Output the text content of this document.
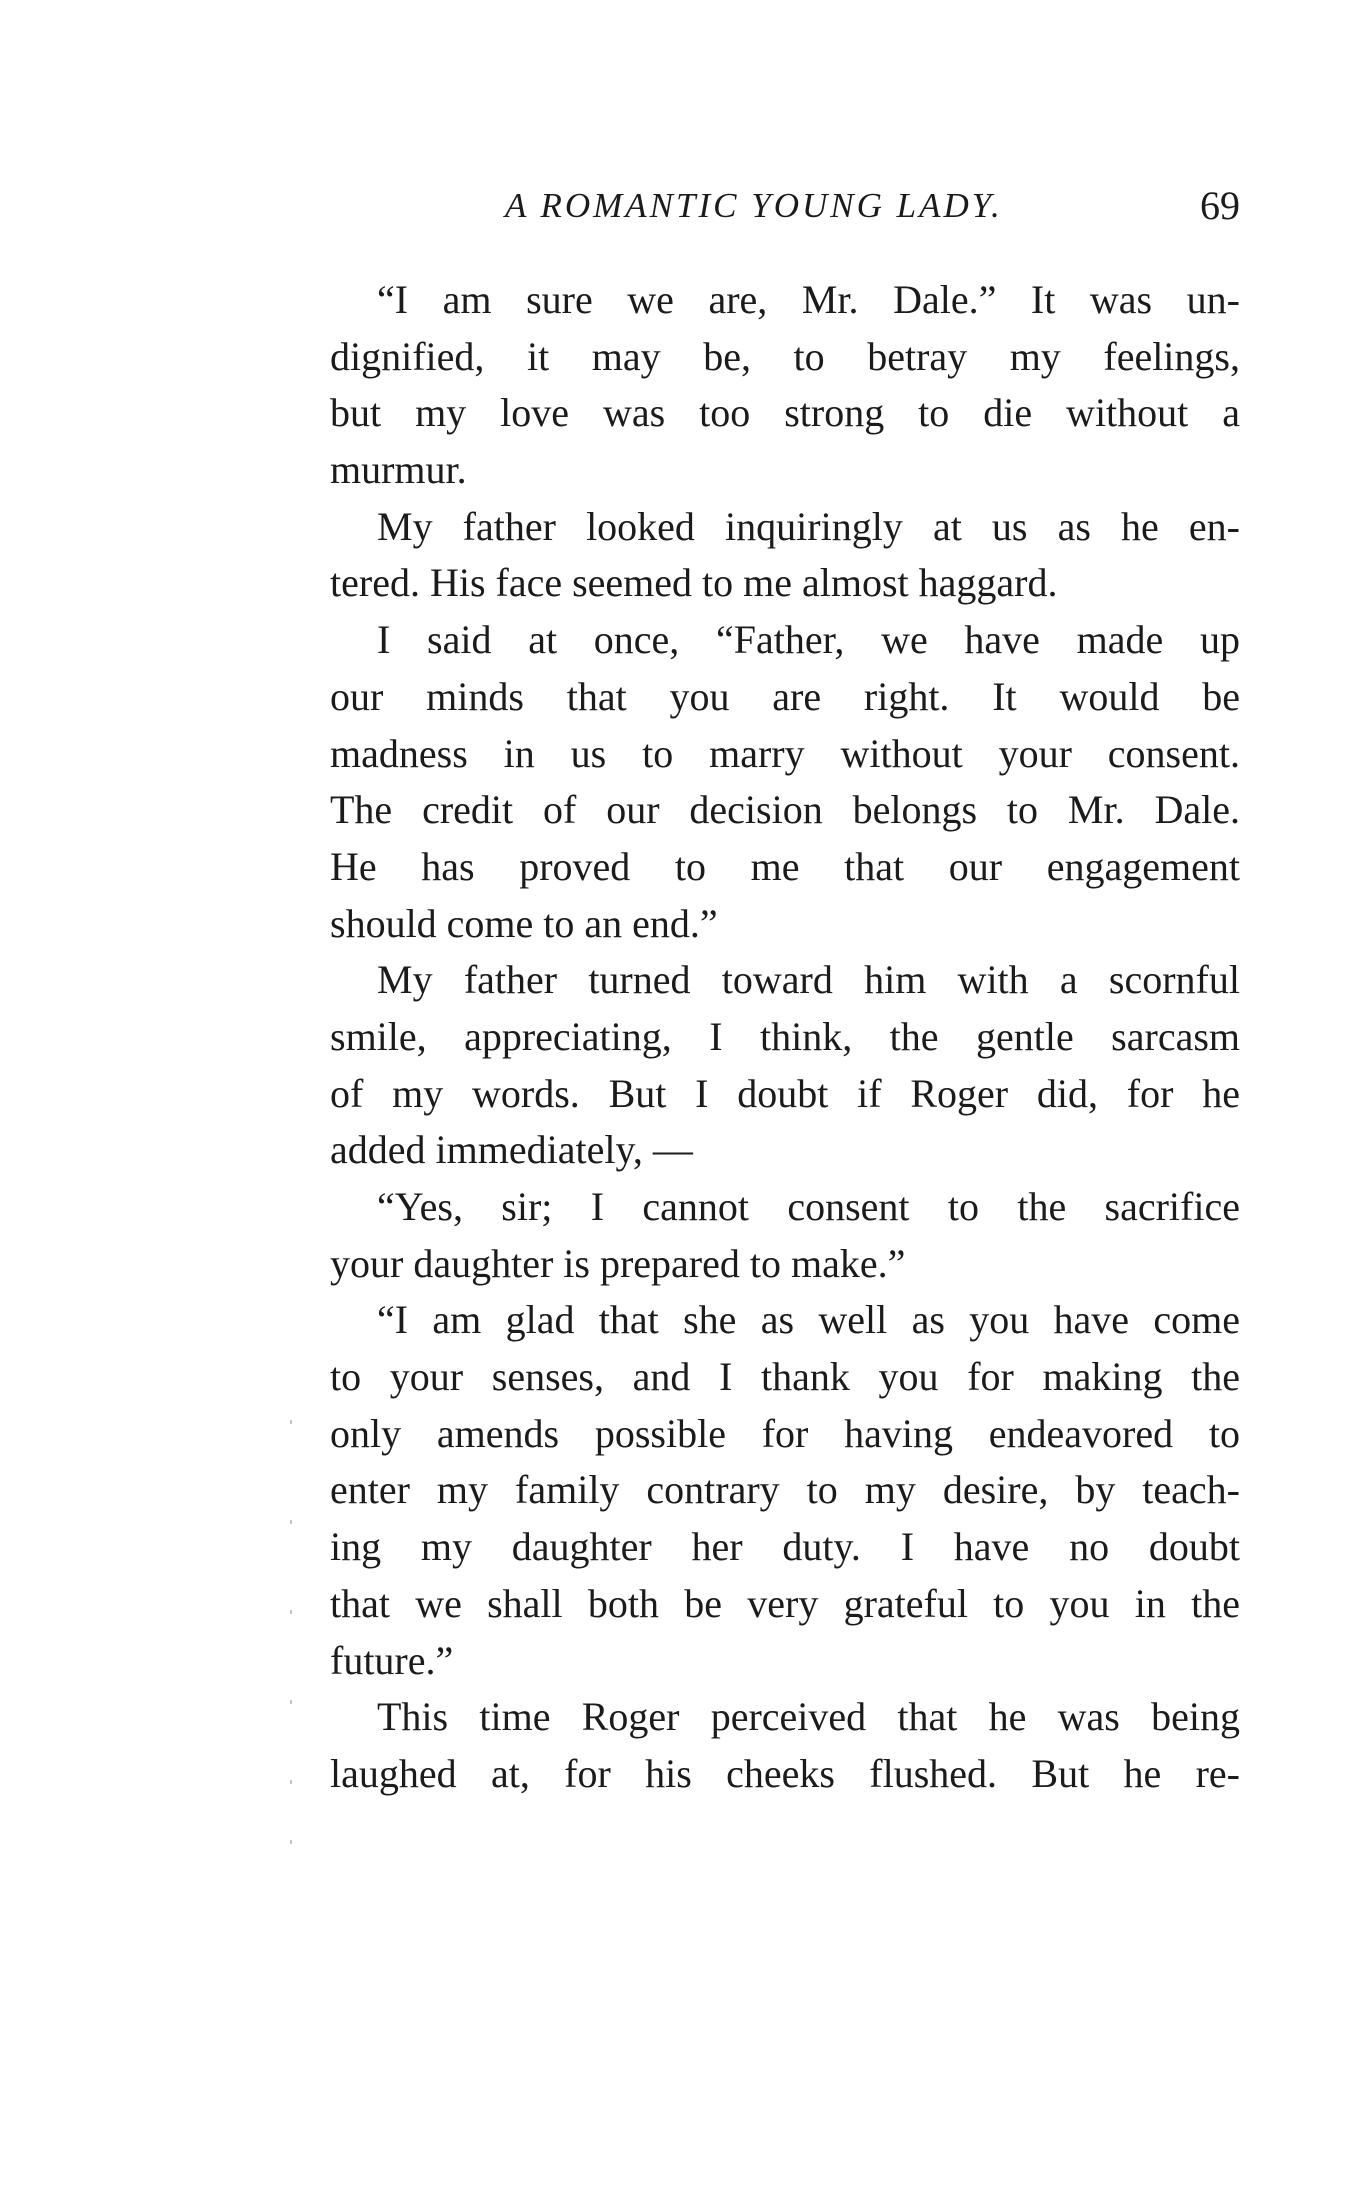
A ROMANTIC YOUNG LADY.	69
“I am sure we are, Mr. Dale.” It was un-
dignified, it may be, to betray my feelings,
but my love was too strong to die without a
murmur.
My father looked inquiringly at us as he en-
tered. His face seemed to me almost haggard.
I said at once, “Father, we have made up
our minds that you are right. It would be
madness in us to marry without your consent.
The credit of our decision belongs to Mr. Dale.
He has proved to me that our engagement
should come to an end.”
My father turned toward him with a scornful
smile, appreciating, I think, the gentle sarcasm
of my words. But I doubt if Roger did, for he
added immediately, —
“Yes, sir; I cannot consent to the sacrifice
your daughter is prepared to make.”
“I am glad that she as well as you have come
to your senses, and I thank you for making the
only amends possible for having endeavored to
enter my family contrary to my desire, by teach-
ing my daughter her duty. I have no doubt
that we shall both be very grateful to you in the
future.”
This time Roger perceived that he was being
laughed at, for his cheeks flushed. But he re-
